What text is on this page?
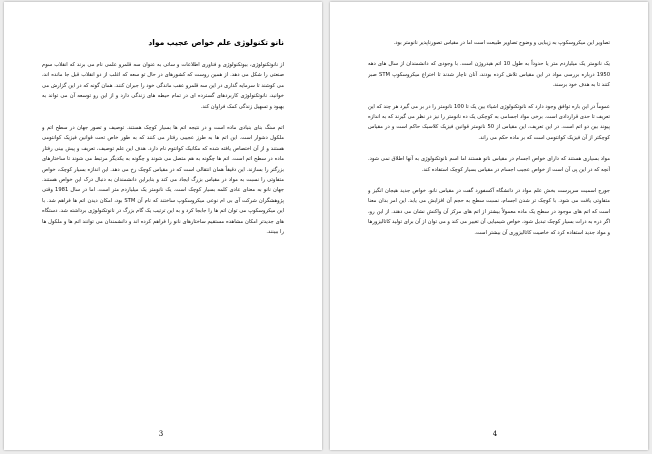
نانو تکنولوژی علم خواص عجیب مواد

از نانوتکنولوژی، بیوتکنولوژی و فناوری اطلاعات و ساتی به عنوان سه قلمرو علمی نام می برند که انقلاب سوم صنعتی را شکل می دهد. از همین روست که کشورهای در حال تو سعه که اغلب از دو انقلاب قبل جا مانده اند، می کوشند تا سرمایه گذاری در این سه قلمرو عقب ماندگی خود را جبران کنند. همان گونه که در این گزارش می خوانید، نانوتکنولوژی کاربردهای گسترده ای در تمام حیطه های زندگی دارد و از این رو توسعه آن می تواند به بهبود و تسهیل زندگی کمک فراوان کند.

اتم سنگ بنای بنیادی ماده است و در نتیجه اتم ها بسیار کوچک هستند. توصیف و تصور جهان در سطح اتم و ملکول دشوار است. این اتم ها به طرز عجیبی رفتار می کنند که به طور خاص تحت قوانین فیزیک کوانتومی هستند و از آن اختصاص یافته شده که مکانیک کوانتوم نام دارد. هدف این علم توصیف، تعریف و پیش بینی رفتار ماده در سطح اتم است. اتم ها چگونه به هم متصل می شوند و چگونه به یکدیگر مرتبط می شوند تا ساختارهای بزرگتر را بسازند. این دقیقاً همان انتقالی است که در مقیاس کوچک رخ می دهد. این اندازه بسیار کوچک، خواص متفاوتی را نسبت به مواد در مقیاس بزرگ ایجاد می کند و بنابراین دانشمندان به دنبال درک این خواص هستند. جهان نانو به معنای عادی کلمه بسیار کوچک است. یک نانومتر یک میلیاردم متر است. اما در سال 1981 وقتی پژوهشگران شرکت آی بی ام نوعی میکروسکوپ ساختند که نام آن STM بود، امکان دیدن اتم ها فراهم شد. با این میکروسکوپ می توان اتم ها را جابجا کرد و به این ترتیب یک گام بزرگ در نانوتکنولوژی برداشته شد. دستگاه های جدیدتر امکان مشاهده مستقیم ساختارهای نانو را فراهم کرده اند و دانشمندان می توانند اتم ها و ملکول ها را ببینند.

3

تصاویر این میکروسکوپ به زیبایی و وضوح تصاویر طبیعت است اما در مقیاس تصورناپذیر نانومتر بود.

یک نانومتر یک میلیاردم متر یا حدوداً به طول 10 اتم هیدروژن است. با وجودی که دانشمندان از سال های دهه 1950 درباره بررسی مواد در این مقیاس تلاش کرده بودند، آنان ناچار شدند تا اختراع میکروسکوپ STM صبر کنند تا به هدف خود برسند.

عموماً در این باره توافق وجود دارد که نانوتکنولوژی اشیاء بین یک تا 100 نانومتر را در بر می گیرد هر چند که این تعریف تا حدی قراردادی است. برخی مواد اجسامی به کوچکی یک ده نانومتر را نیز در نظر می گیرند که به اندازه پیوند بین دو اتم است. در این تعریف، این مقیاس از 50 نانومتر قوانین فیزیک کلاسیک حاکم است و در مقیاس کوچکتر از آن فیزیک کوانتومی است که بر ماده حکم می راند.

مواد بسیاری هستند که دارای خواص اجسام در مقیاس نانو هستند اما اسم نانوتکنولوژی به آنها اطلاق نمی شود. آنچه که در این پی آن است از خواص عجیب اجسام در مقیاس بسیار کوچک استفاده کند.

جورج اسمیت سرپرست بخش علم مواد در دانشگاه آکسفورد گفت در مقیاس نانو، خواص جدید هیجان انگیز و متفاوتی یافت می شود. با کوچک تر شدن اجسام، نسبت سطح به حجم آن افزایش می یابد. این امر بدان معنا است که اتم های موجود در سطح یک ماده معمولاً بیشتر از اتم های مرکز آن واکنش نشان می دهند. از این رو، اگر ذره به ذرات بسیار کوچک تبدیل شود، خواص شیمیایی آن تغییر می کند و می توان از آن برای تولید کاتالیزورها و مواد جدید استفاده کرد که خاصیت کاتالیزوری آن بیشتر است.

4
